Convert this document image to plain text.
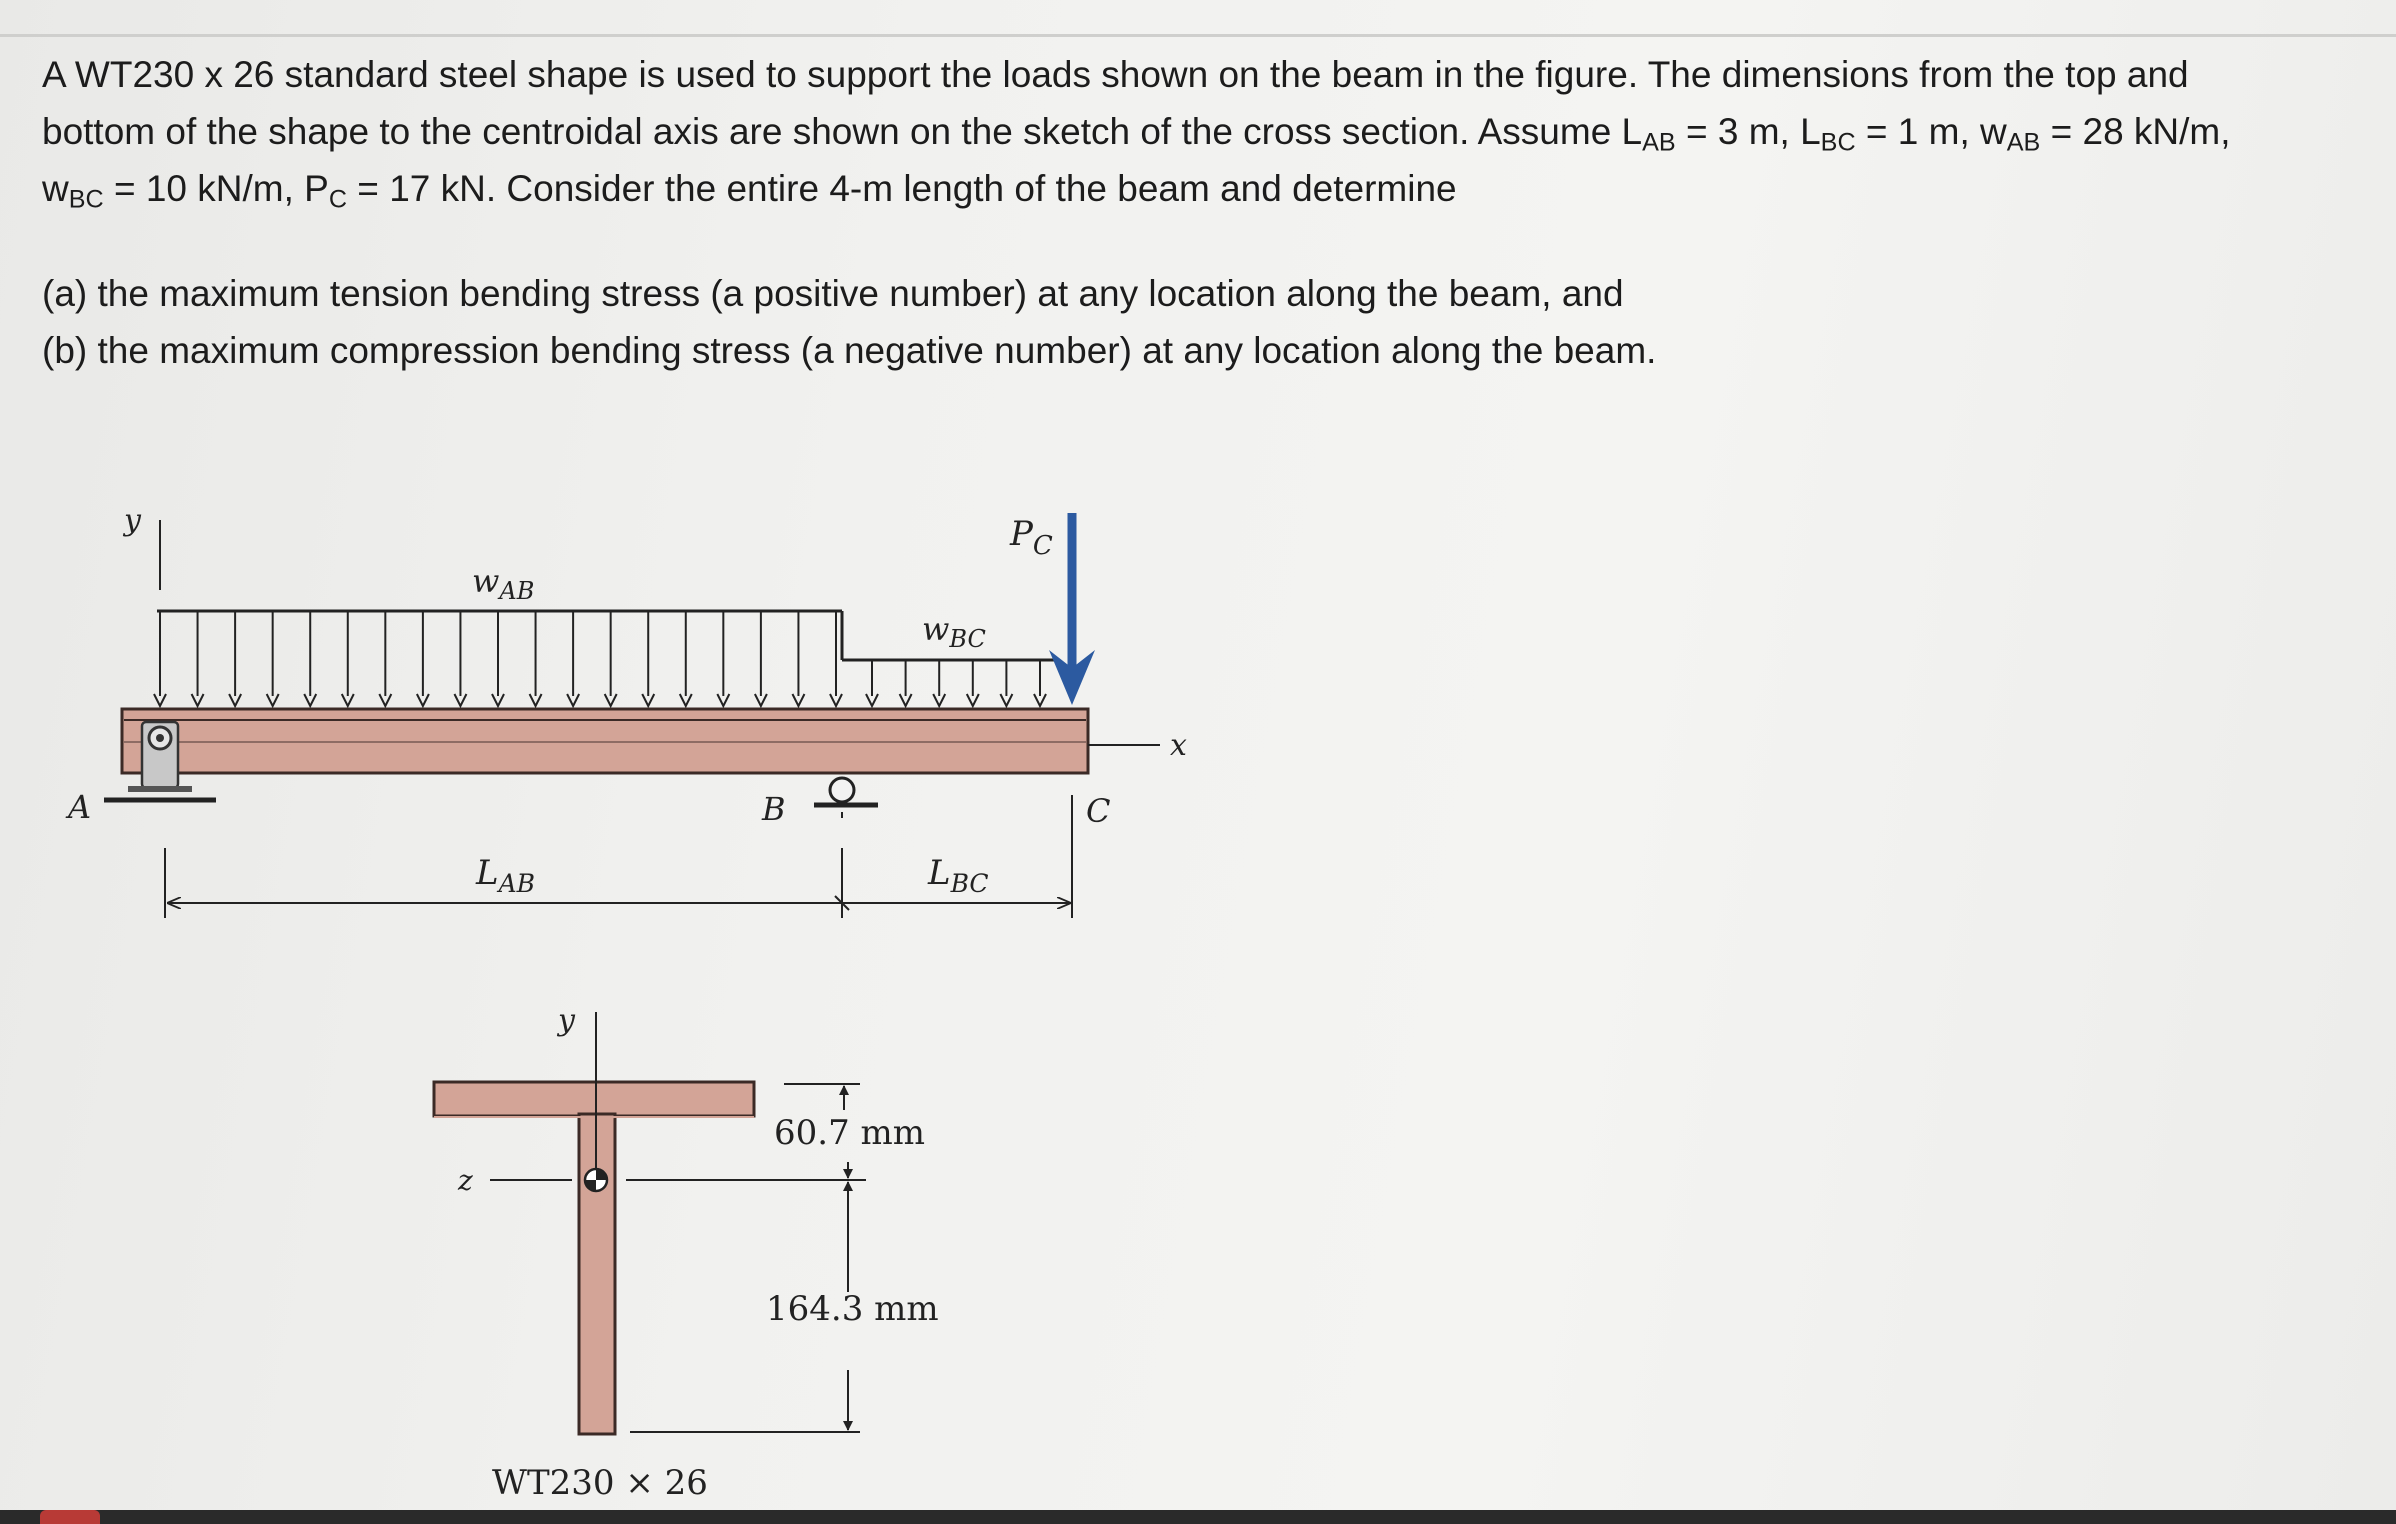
A WT230 x 26 standard steel shape is used to support the loads shown on the beam in the figure. The dimensions from the top and

bottom of the shape to the centroidal axis are shown on the sketch of the cross section. Assume $L_{AB} = 3$ m, $L_{BC} = 1$ m, $w_{AB} = 28$ kN/m,

$w_{BC} = 10$ kN/m, $P_C = 17$ kN. Consider the entire 4-m length of the beam and determine

(a) the maximum tension bending stress (a positive number) at any location along the beam, and

(b) the maximum compression bending stress (a negative number) at any location along the beam.

y
$w_{AB}$
$w_{BC}$
$P_C$
x
A	B	C
$L_{AB}$	$L_{BC}$
y
z
60.7 mm
164.3 mm
WT230 × 26
